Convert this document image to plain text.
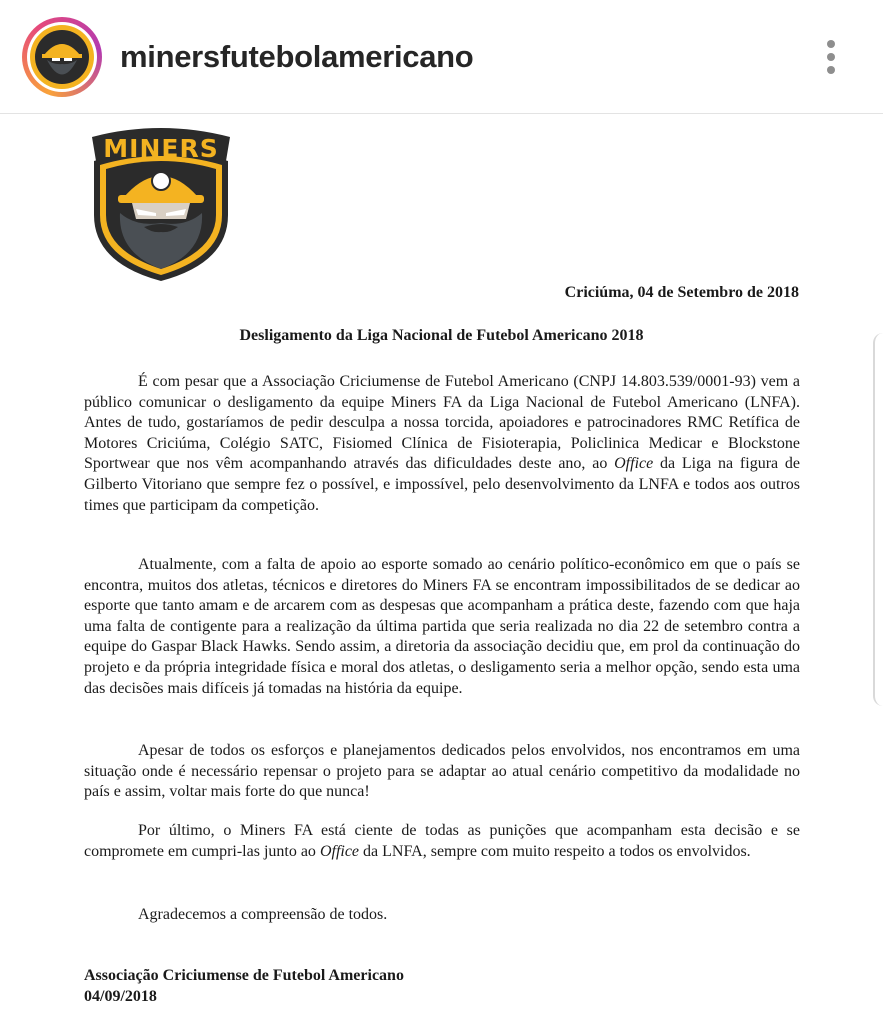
minersfutebolamericano
MINERS
Criciúma, 04 de Setembro de 2018
Desligamento da Liga Nacional de Futebol Americano 2018

É com pesar que a Associação Criciumense de Futebol Americano (CNPJ 14.803.539/0001-93) vem a público comunicar o desligamento da equipe Miners FA da Liga Nacional de Futebol Americano (LNFA). Antes de tudo, gostaríamos de pedir desculpa a nossa torcida, apoiadores e patrocinadores RMC Retífica de Motores Criciúma, Colégio SATC, Fisiomed Clínica de Fisioterapia, Policlinica Medicar e Blockstone Sportwear que nos vêm acompanhando através das dificuldades deste ano, ao Office da Liga na figura de Gilberto Vitoriano que sempre fez o possível, e impossível, pelo desenvolvimento da LNFA e todos aos outros times que participam da competição.

Atualmente, com a falta de apoio ao esporte somado ao cenário político-econômico em que o país se encontra, muitos dos atletas, técnicos e diretores do Miners FA se encontram impossibilitados de se dedicar ao esporte que tanto amam e de arcarem com as despesas que acompanham a prática deste, fazendo com que haja uma falta de contigente para a realização da última partida que seria realizada no dia 22 de setembro contra a equipe do Gaspar Black Hawks. Sendo assim, a diretoria da associação decidiu que, em prol da continuação do projeto e da própria integridade física e moral dos atletas, o desligamento seria a melhor opção, sendo esta uma das decisões mais difíceis já tomadas na história da equipe.

Apesar de todos os esforços e planejamentos dedicados pelos envolvidos, nos encontramos em uma situação onde é necessário repensar o projeto para se adaptar ao atual cenário competitivo da modalidade no país e assim, voltar mais forte do que nunca!

Por último, o Miners FA está ciente de todas as punições que acompanham esta decisão e se compromete em cumpri-las junto ao Office da LNFA, sempre com muito respeito a todos os envolvidos.

Agradecemos a compreensão de todos.

Associação Criciumense de Futebol Americano
04/09/2018
